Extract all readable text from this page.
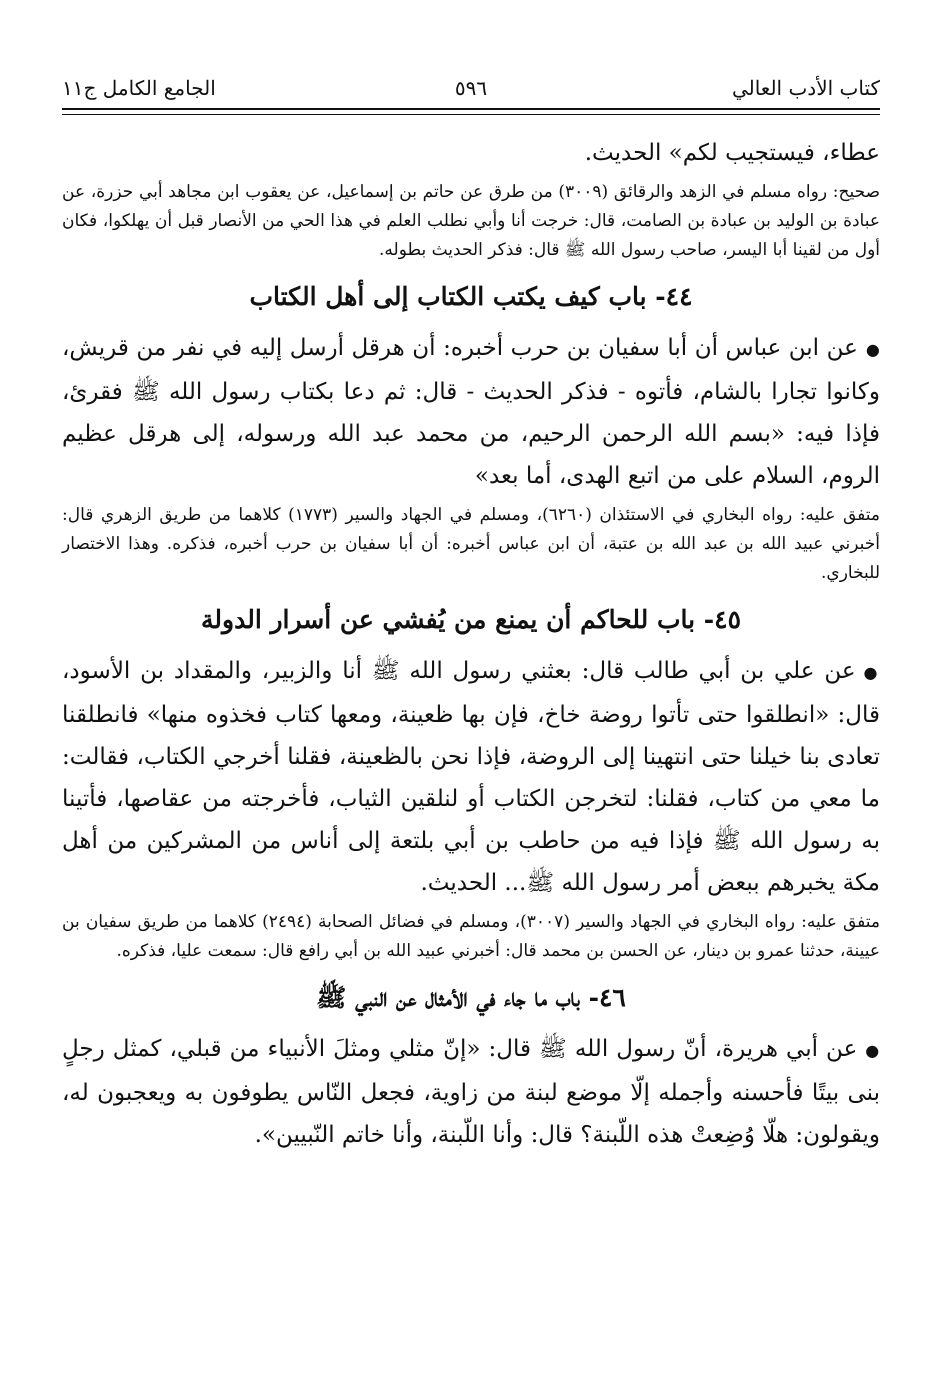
كتاب الأدب العالي
٥٩٦
الجامع الكامل ج١١

عطاء، فيستجيب لكم» الحديث.

صحيح: رواه مسلم في الزهد والرقائق (٣٠٠٩) من طرق عن حاتم بن إسماعيل، عن يعقوب ابن مجاهد أبي حزرة، عن عبادة بن الوليد بن عبادة بن الصامت، قال: خرجت أنا وأبي نطلب العلم في هذا الحي من الأنصار قبل أن يهلكوا، فكان أول من لقينا أبا اليسر، صاحب رسول الله ﷺ قال: فذكر الحديث بطوله.

٤٤- باب كيف يكتب الكتاب إلى أهل الكتاب

●عن ابن عباس أن أبا سفيان بن حرب أخبره: أن هرقل أرسل إليه في نفر من قريش، وكانوا تجارا بالشام، فأتوه - فذكر الحديث - قال: ثم دعا بكتاب رسول الله ﷺ فقرئ، فإذا فيه: «بسم الله الرحمن الرحيم، من محمد عبد الله ورسوله، إلى هرقل عظيم الروم، السلام على من اتبع الهدى، أما بعد»

متفق عليه: رواه البخاري في الاستئذان (٦٢٦٠)، ومسلم في الجهاد والسير (١٧٧٣) كلاهما من طريق الزهري قال: أخبرني عبيد الله بن عبد الله بن عتبة، أن ابن عباس أخبره: أن أبا سفيان بن حرب أخبره، فذكره. وهذا الاختصار للبخاري.

٤٥- باب للحاكم أن يمنع من يُفشي عن أسرار الدولة

●عن علي بن أبي طالب قال: بعثني رسول الله ﷺ أنا والزبير، والمقداد بن الأسود، قال: «انطلقوا حتى تأتوا روضة خاخ، فإن بها ظعينة، ومعها كتاب فخذوه منها» فانطلقنا تعادى بنا خيلنا حتى انتهينا إلى الروضة، فإذا نحن بالظعينة، فقلنا أخرجي الكتاب، فقالت: ما معي من كتاب، فقلنا: لتخرجن الكتاب أو لنلقين الثياب، فأخرجته من عقاصها، فأتينا به رسول الله ﷺ فإذا فيه من حاطب بن أبي بلتعة إلى أناس من المشركين من أهل مكة يخبرهم ببعض أمر رسول الله ﷺ... الحديث.

متفق عليه: رواه البخاري في الجهاد والسير (٣٠٠٧)، ومسلم في فضائل الصحابة (٢٤٩٤) كلاهما من طريق سفيان بن عيينة، حدثنا عمرو بن دينار، عن الحسن بن محمد قال: أخبرني عبيد الله بن أبي رافع قال: سمعت عليا، فذكره.

٤٦- باب ما جاء في الأمثال عن النبي ﷺ

●عن أبي هريرة، أنّ رسول الله ﷺ قال: «إنّ مثلي ومثلَ الأنبياء من قبلي، كمثل رجلٍ بنى بيتًا فأحسنه وأجمله إلّا موضع لبنة من زاوية، فجعل النّاس يطوفون به ويعجبون له، ويقولون: هلّا وُضِعتْ هذه اللّبنة؟ قال: وأنا اللّبنة، وأنا خاتم النّبيين».
